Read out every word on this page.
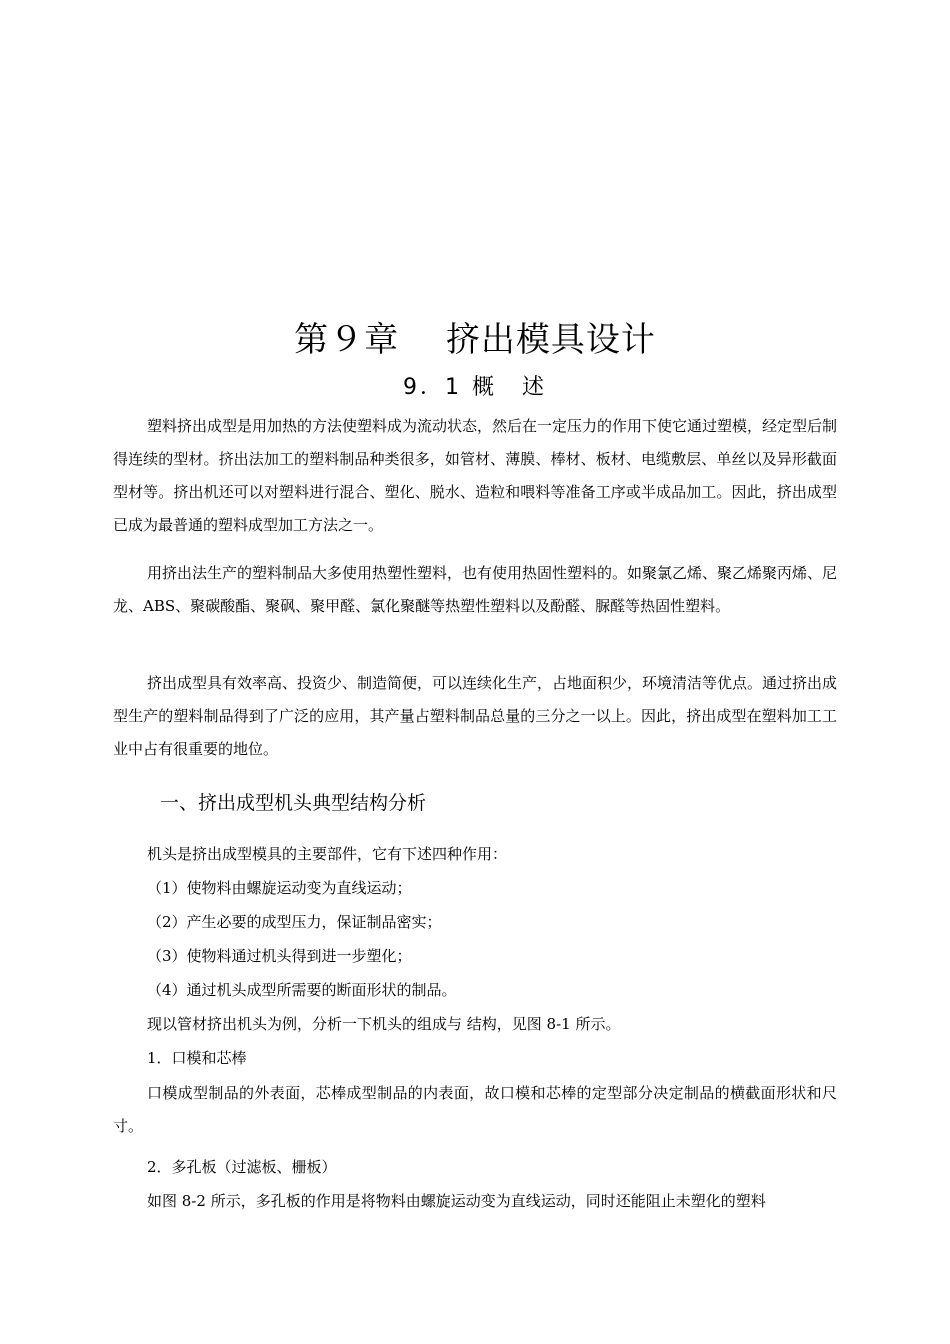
第９章　 挤出模具设计
9．1 概　述

塑料挤出成型是用加热的方法使塑料成为流动状态，然后在一定压力的作用下使它通过塑模，经定型后制得连续的型材。挤出法加工的塑料制品种类很多，如管材、薄膜、棒材、板材、电缆敷层、单丝以及异形截面型材等。挤出机还可以对塑料进行混合、塑化、脱水、造粒和喂料等准备工序或半成品加工。因此，挤出成型已成为最普通的塑料成型加工方法之一。

用挤出法生产的塑料制品大多使用热塑性塑料，也有使用热固性塑料的。如聚氯乙烯、聚乙烯聚丙烯、尼龙、ABS、聚碳酸酯、聚砜、聚甲醛、氯化聚醚等热塑性塑料以及酚醛、脲醛等热固性塑料。

挤出成型具有效率高、投资少、制造简便，可以连续化生产，占地面积少，环境清洁等优点。通过挤出成型生产的塑料制品得到了广泛的应用，其产量占塑料制品总量的三分之一以上。因此，挤出成型在塑料加工工业中占有很重要的地位。

一、挤出成型机头典型结构分析

机头是挤出成型模具的主要部件，它有下述四种作用：

（1）使物料由螺旋运动变为直线运动；

（2）产生必要的成型压力，保证制品密实；

（3）使物料通过机头得到进一步塑化；

（4）通过机头成型所需要的断面形状的制品。

现以管材挤出机头为例，分析一下机头的组成与 结构，见图 8-1 所示。

1．口模和芯棒

口模成型制品的外表面，芯棒成型制品的内表面，故口模和芯棒的定型部分决定制品的横截面形状和尺寸。

2．多孔板（过滤板、栅板）

如图 8-2 所示，多孔板的作用是将物料由螺旋运动变为直线运动，同时还能阻止未塑化的塑料
